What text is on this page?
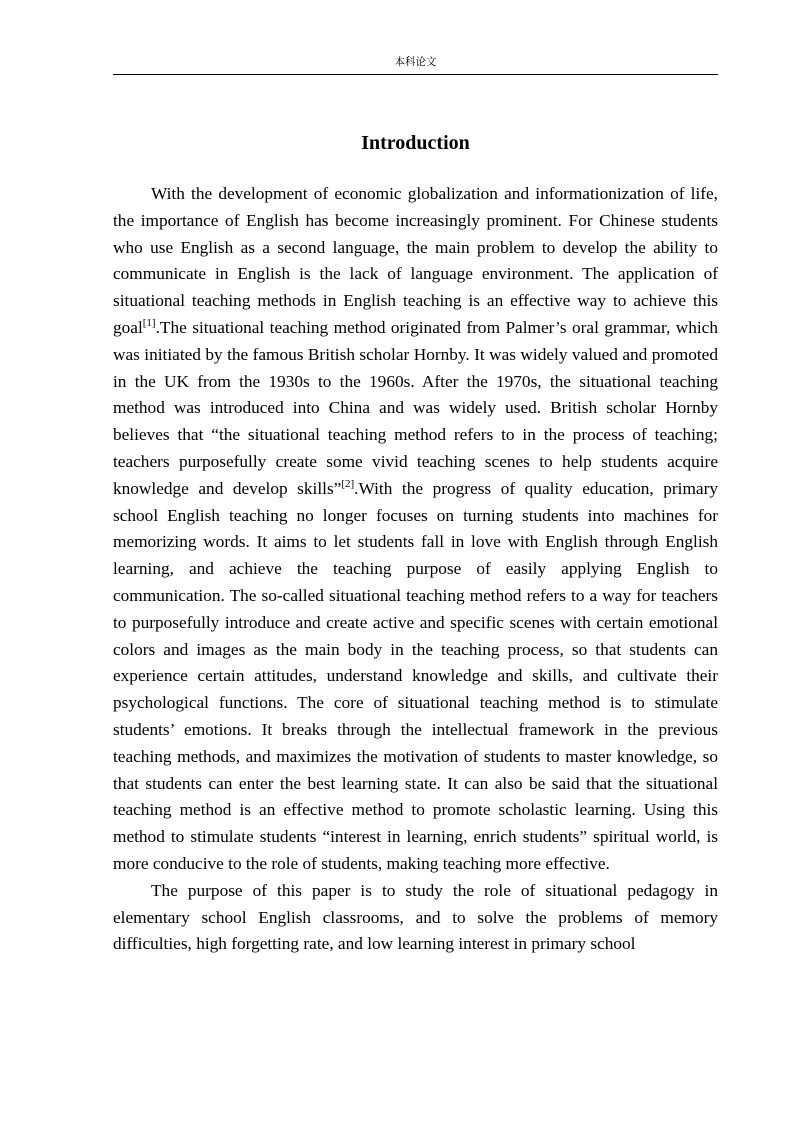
本科论文
Introduction

With the development of economic globalization and informationization of life, the importance of English has become increasingly prominent. For Chinese students who use English as a second language, the main problem to develop the ability to communicate in English is the lack of language environment. The application of situational teaching methods in English teaching is an effective way to achieve this goal[1].The situational teaching method originated from Palmer’s oral grammar, which was initiated by the famous British scholar Hornby. It was widely valued and promoted in the UK from the 1930s to the 1960s. After the 1970s, the situational teaching method was introduced into China and was widely used. British scholar Hornby believes that “the situational teaching method refers to in the process of teaching; teachers purposefully create some vivid teaching scenes to help students acquire knowledge and develop skills”[2].With the progress of quality education, primary school English teaching no longer focuses on turning students into machines for memorizing words. It aims to let students fall in love with English through English learning, and achieve the teaching purpose of easily applying English to communication. The so-called situational teaching method refers to a way for teachers to purposefully introduce and create active and specific scenes with certain emotional colors and images as the main body in the teaching process, so that students can experience certain attitudes, understand knowledge and skills, and cultivate their psychological functions. The core of situational teaching method is to stimulate students’ emotions. It breaks through the intellectual framework in the previous teaching methods, and maximizes the motivation of students to master knowledge, so that students can enter the best learning state. It can also be said that the situational teaching method is an effective method to promote scholastic learning. Using this method to stimulate students “interest in learning, enrich students” spiritual world, is more conducive to the role of students, making teaching more effective.

The purpose of this paper is to study the role of situational pedagogy in elementary school English classrooms, and to solve the problems of memory difficulties, high forgetting rate, and low learning interest in primary school
